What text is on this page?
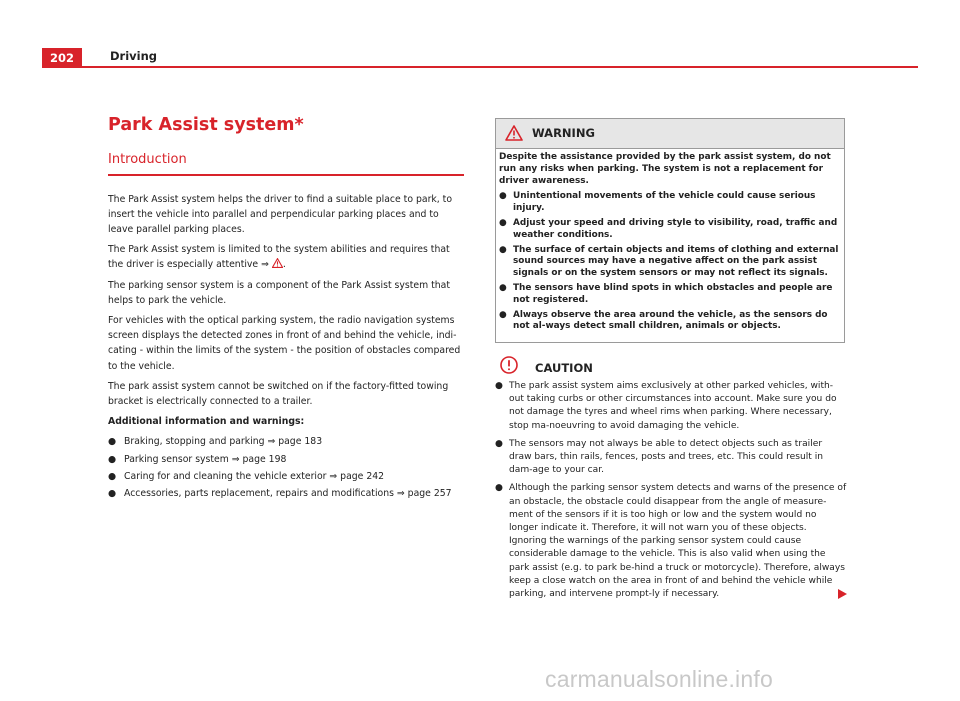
202	Driving
Park Assist system*
Introduction

The Park Assist system helps the driver to find a suitable place to park, to insert the vehicle into parallel and perpendicular parking places and to leave parallel parking places.

The Park Assist system is limited to the system abilities and requires that the driver is especially attentive ⇒ .

The parking sensor system is a component of the Park Assist system that helps to park the vehicle.

For vehicles with the optical parking system, the radio navigation systems screen displays the detected zones in front of and behind the vehicle, indi-cating - within the limits of the system - the position of obstacles compared to the vehicle.

The park assist system cannot be switched on if the factory-fitted towing bracket is electrically connected to a trailer.

Additional information and warnings:

● Braking, stopping and parking ⇒ page 183
● Parking sensor system ⇒ page 198
● Caring for and cleaning the vehicle exterior ⇒ page 242
● Accessories, parts replacement, repairs and modifications ⇒ page 257
WARNING

Despite the assistance provided by the park assist system, do not run any risks when parking. The system is not a replacement for driver awareness.

● Unintentional movements of the vehicle could cause serious injury.
● Adjust your speed and driving style to visibility, road, traffic and weather conditions.
● The surface of certain objects and items of clothing and external sound sources may have a negative affect on the park assist signals or on the system sensors or may not reflect its signals.
● The sensors have blind spots in which obstacles and people are not registered.
● Always observe the area around the vehicle, as the sensors do not al-ways detect small children, animals or objects.
CAUTION
● The park assist system aims exclusively at other parked vehicles, with-out taking curbs or other circumstances into account. Make sure you do not damage the tyres and wheel rims when parking. Where necessary, stop ma-noeuvring to avoid damaging the vehicle.
● The sensors may not always be able to detect objects such as trailer draw bars, thin rails, fences, posts and trees, etc. This could result in dam-age to your car.
● Although the parking sensor system detects and warns of the presence of an obstacle, the obstacle could disappear from the angle of measure-ment of the sensors if it is too high or low and the system would no longer indicate it. Therefore, it will not warn you of these objects. Ignoring the warnings of the parking sensor system could cause considerable damage to the vehicle. This is also valid when using the park assist (e.g. to park be-hind a truck or motorcycle). Therefore, always keep a close watch on the area in front of and behind the vehicle while parking, and intervene prompt-ly if necessary.
carmanualsonline.info
